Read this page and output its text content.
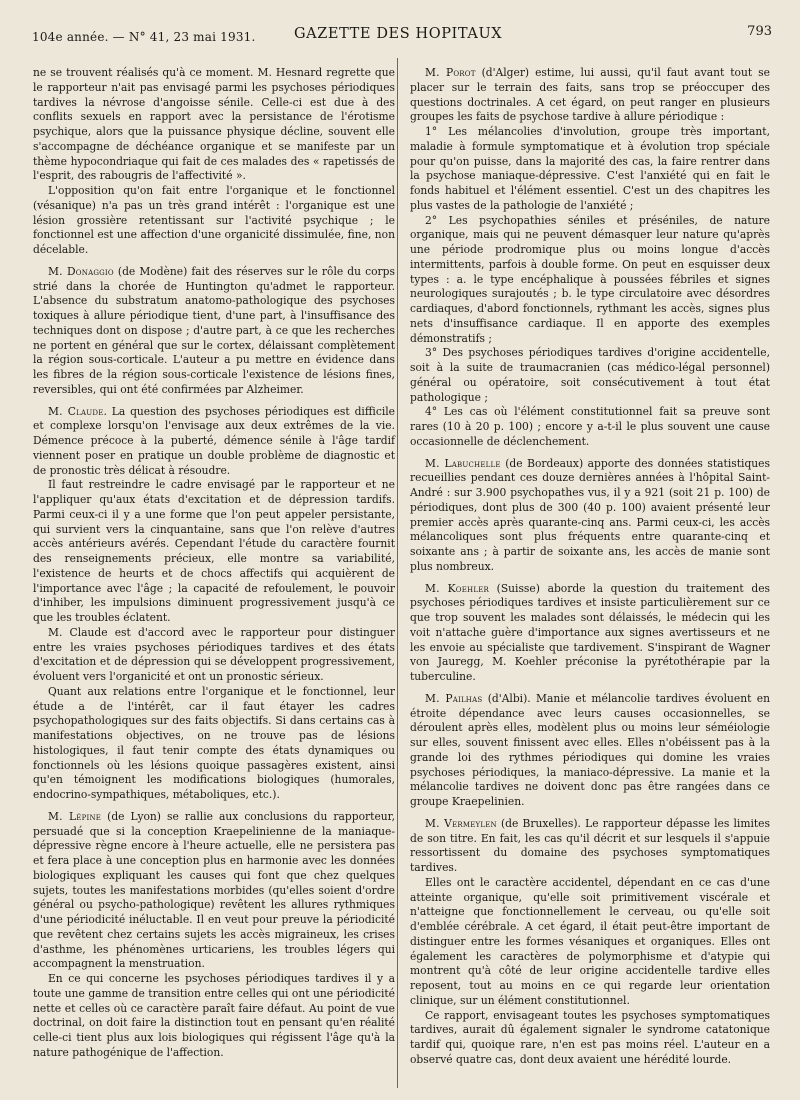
104e année. — N° 41, 23 mai 1931.	GAZETTE DES HOPITAUX	793

ne se trouvent réalisés qu'à ce moment. M. Hesnard regrette que le rapporteur n'ait pas envisagé parmi les psychoses périodiques tardives la névrose d'angoisse sénile. Celle-ci est due à des conflits sexuels en rapport avec la persistance de l'érotisme psychique, alors que la puissance physique décline, souvent elle s'accompagne de déchéance organique et se manifeste par un thème hypocondriaque qui fait de ces malades des « rapetissés de l'esprit, des rabougris de l'affectivité ».

L'opposition qu'on fait entre l'organique et le fonctionnel (vésanique) n'a pas un très grand intérêt : l'organique est une lésion grossière retentissant sur l'activité psychique ; le fonctionnel est une affection d'une organicité dissimulée, fine, non décelable.

M. Donaggio (de Modène) fait des réserves sur le rôle du corps strié dans la chorée de Huntington qu'admet le rapporteur. L'absence du substratum anatomo-pathologique des psychoses toxiques à allure périodique tient, d'une part, à l'insuffisance des techniques dont on dispose ; d'autre part, à ce que les recherches ne portent en général que sur le cortex, délaissant complètement la région sous-corticale. L'auteur a pu mettre en évidence dans les fibres de la région sous-corticale l'existence de lésions fines, reversibles, qui ont été confirmées par Alzheimer.

M. Claude. La question des psychoses périodiques est difficile et complexe lorsqu'on l'envisage aux deux extrêmes de la vie. Démence précoce à la puberté, démence sénile à l'âge tardif viennent poser en pratique un double problème de diagnostic et de pronostic très délicat à résoudre.

Il faut restreindre le cadre envisagé par le rapporteur et ne l'appliquer qu'aux états d'excitation et de dépression tardifs. Parmi ceux-ci il y a une forme que l'on peut appeler persistante, qui survient vers la cinquantaine, sans que l'on relève d'autres accès antérieurs avérés. Cependant l'étude du caractère fournit des renseignements précieux, elle montre sa variabilité, l'existence de heurts et de chocs affectifs qui acquièrent de l'importance avec l'âge ; la capacité de refoulement, le pouvoir d'inhiber, les impulsions diminuent progressivement jusqu'à ce que les troubles éclatent.

M. Claude est d'accord avec le rapporteur pour distinguer entre les vraies psychoses périodiques tardives et des états d'excitation et de dépression qui se développent progressivement, évoluent vers l'organicité et ont un pronostic sérieux.

Quant aux relations entre l'organique et le fonctionnel, leur étude a de l'intérêt, car il faut étayer les cadres psychopathologiques sur des faits objectifs. Si dans certains cas à manifestations objectives, on ne trouve pas de lésions histologiques, il faut tenir compte des états dynamiques ou fonctionnels où les lésions quoique passagères existent, ainsi qu'en témoignent les modifications biologiques (humorales, endocrino-sympathiques, métaboliques, etc.).

M. Lépine (de Lyon) se rallie aux conclusions du rapporteur, persuadé que si la conception Kraepelinienne de la maniaque-dépressive règne encore à l'heure actuelle, elle ne persistera pas et fera place à une conception plus en harmonie avec les données biologiques expliquant les causes qui font que chez quelques sujets, toutes les manifestations morbides (qu'elles soient d'ordre général ou psycho-pathologique) revêtent les allures rythmiques d'une périodicité inéluctable. Il en veut pour preuve la périodicité que revêtent chez certains sujets les accès migraineux, les crises d'asthme, les phénomènes urticariens, les troubles légers qui accompagnent la menstruation.

En ce qui concerne les psychoses périodiques tardives il y a toute une gamme de transition entre celles qui ont une périodicité nette et celles où ce caractère paraît faire défaut. Au point de vue doctrinal, on doit faire la distinction tout en pensant qu'en réalité celle-ci tient plus aux lois biologiques qui régissent l'âge qu'à la nature pathogénique de l'affection.

M. Porot (d'Alger) estime, lui aussi, qu'il faut avant tout se placer sur le terrain des faits, sans trop se préoccuper des questions doctrinales. A cet égard, on peut ranger en plusieurs groupes les faits de psychose tardive à allure périodique :

1° Les mélancolies d'involution, groupe très important, maladie à formule symptomatique et à évolution trop spéciale pour qu'on puisse, dans la majorité des cas, la faire rentrer dans la psychose maniaque-dépressive. C'est l'anxiété qui en fait le fonds habituel et l'élément essentiel. C'est un des chapitres les plus vastes de la pathologie de l'anxiété ;

2° Les psychopathies séniles et préséniles, de nature organique, mais qui ne peuvent démasquer leur nature qu'après une période prodromique plus ou moins longue d'accès intermittents, parfois à double forme. On peut en esquisser deux types : a. le type encéphalique à poussées fébriles et signes neurologiques surajoutés ; b. le type circulatoire avec désordres cardiaques, d'abord fonctionnels, rythmant les accès, signes plus nets d'insuffisance cardiaque. Il en apporte des exemples démonstratifs ;

3° Des psychoses périodiques tardives d'origine accidentelle, soit à la suite de traumacranien (cas médico-légal personnel) général ou opératoire, soit consécutivement à tout état pathologique ;

4° Les cas où l'élément constitutionnel fait sa preuve sont rares (10 à 20 p. 100) ; encore y a-t-il le plus souvent une cause occasionnelle de déclenchement.

M. Labuchelle (de Bordeaux) apporte des données statistiques recueillies pendant ces douze dernières années à l'hôpital Saint-André : sur 3.900 psychopathes vus, il y a 921 (soit 21 p. 100) de périodiques, dont plus de 300 (40 p. 100) avaient présenté leur premier accès après quarante-cinq ans. Parmi ceux-ci, les accès mélancoliques sont plus fréquents entre quarante-cinq et soixante ans ; à partir de soixante ans, les accès de manie sont plus nombreux.

M. Koehler (Suisse) aborde la question du traitement des psychoses périodiques tardives et insiste particulièrement sur ce que trop souvent les malades sont délaissés, le médecin qui les voit n'attache guère d'importance aux signes avertisseurs et ne les envoie au spécialiste que tardivement. S'inspirant de Wagner von Jauregg, M. Koehler préconise la pyrétothérapie par la tuberculine.

M. Pailhas (d'Albi). Manie et mélancolie tardives évoluent en étroite dépendance avec leurs causes occasionnelles, se déroulent après elles, modèlent plus ou moins leur séméiologie sur elles, souvent finissent avec elles. Elles n'obéissent pas à la grande loi des rythmes périodiques qui domine les vraies psychoses périodiques, la maniaco-dépressive. La manie et la mélancolie tardives ne doivent donc pas être rangées dans ce groupe Kraepelinien.

M. Vermeylen (de Bruxelles). Le rapporteur dépasse les limites de son titre. En fait, les cas qu'il décrit et sur lesquels il s'appuie ressortissent du domaine des psychoses symptomatiques tardives.

Elles ont le caractère accidentel, dépendant en ce cas d'une atteinte organique, qu'elle soit primitivement viscérale et n'atteigne que fonctionnellement le cerveau, ou qu'elle soit d'emblée cérébrale. A cet égard, il était peut-être important de distinguer entre les formes vésaniques et organiques. Elles ont également les caractères de polymorphisme et d'atypie qui montrent qu'à côté de leur origine accidentelle tardive elles reposent, tout au moins en ce qui regarde leur orientation clinique, sur un élément constitutionnel.

Ce rapport, envisageant toutes les psychoses symptomatiques tardives, aurait dû également signaler le syndrome catatonique tardif qui, quoique rare, n'en est pas moins réel. L'auteur en a observé quatre cas, dont deux avaient une hérédité lourde.
